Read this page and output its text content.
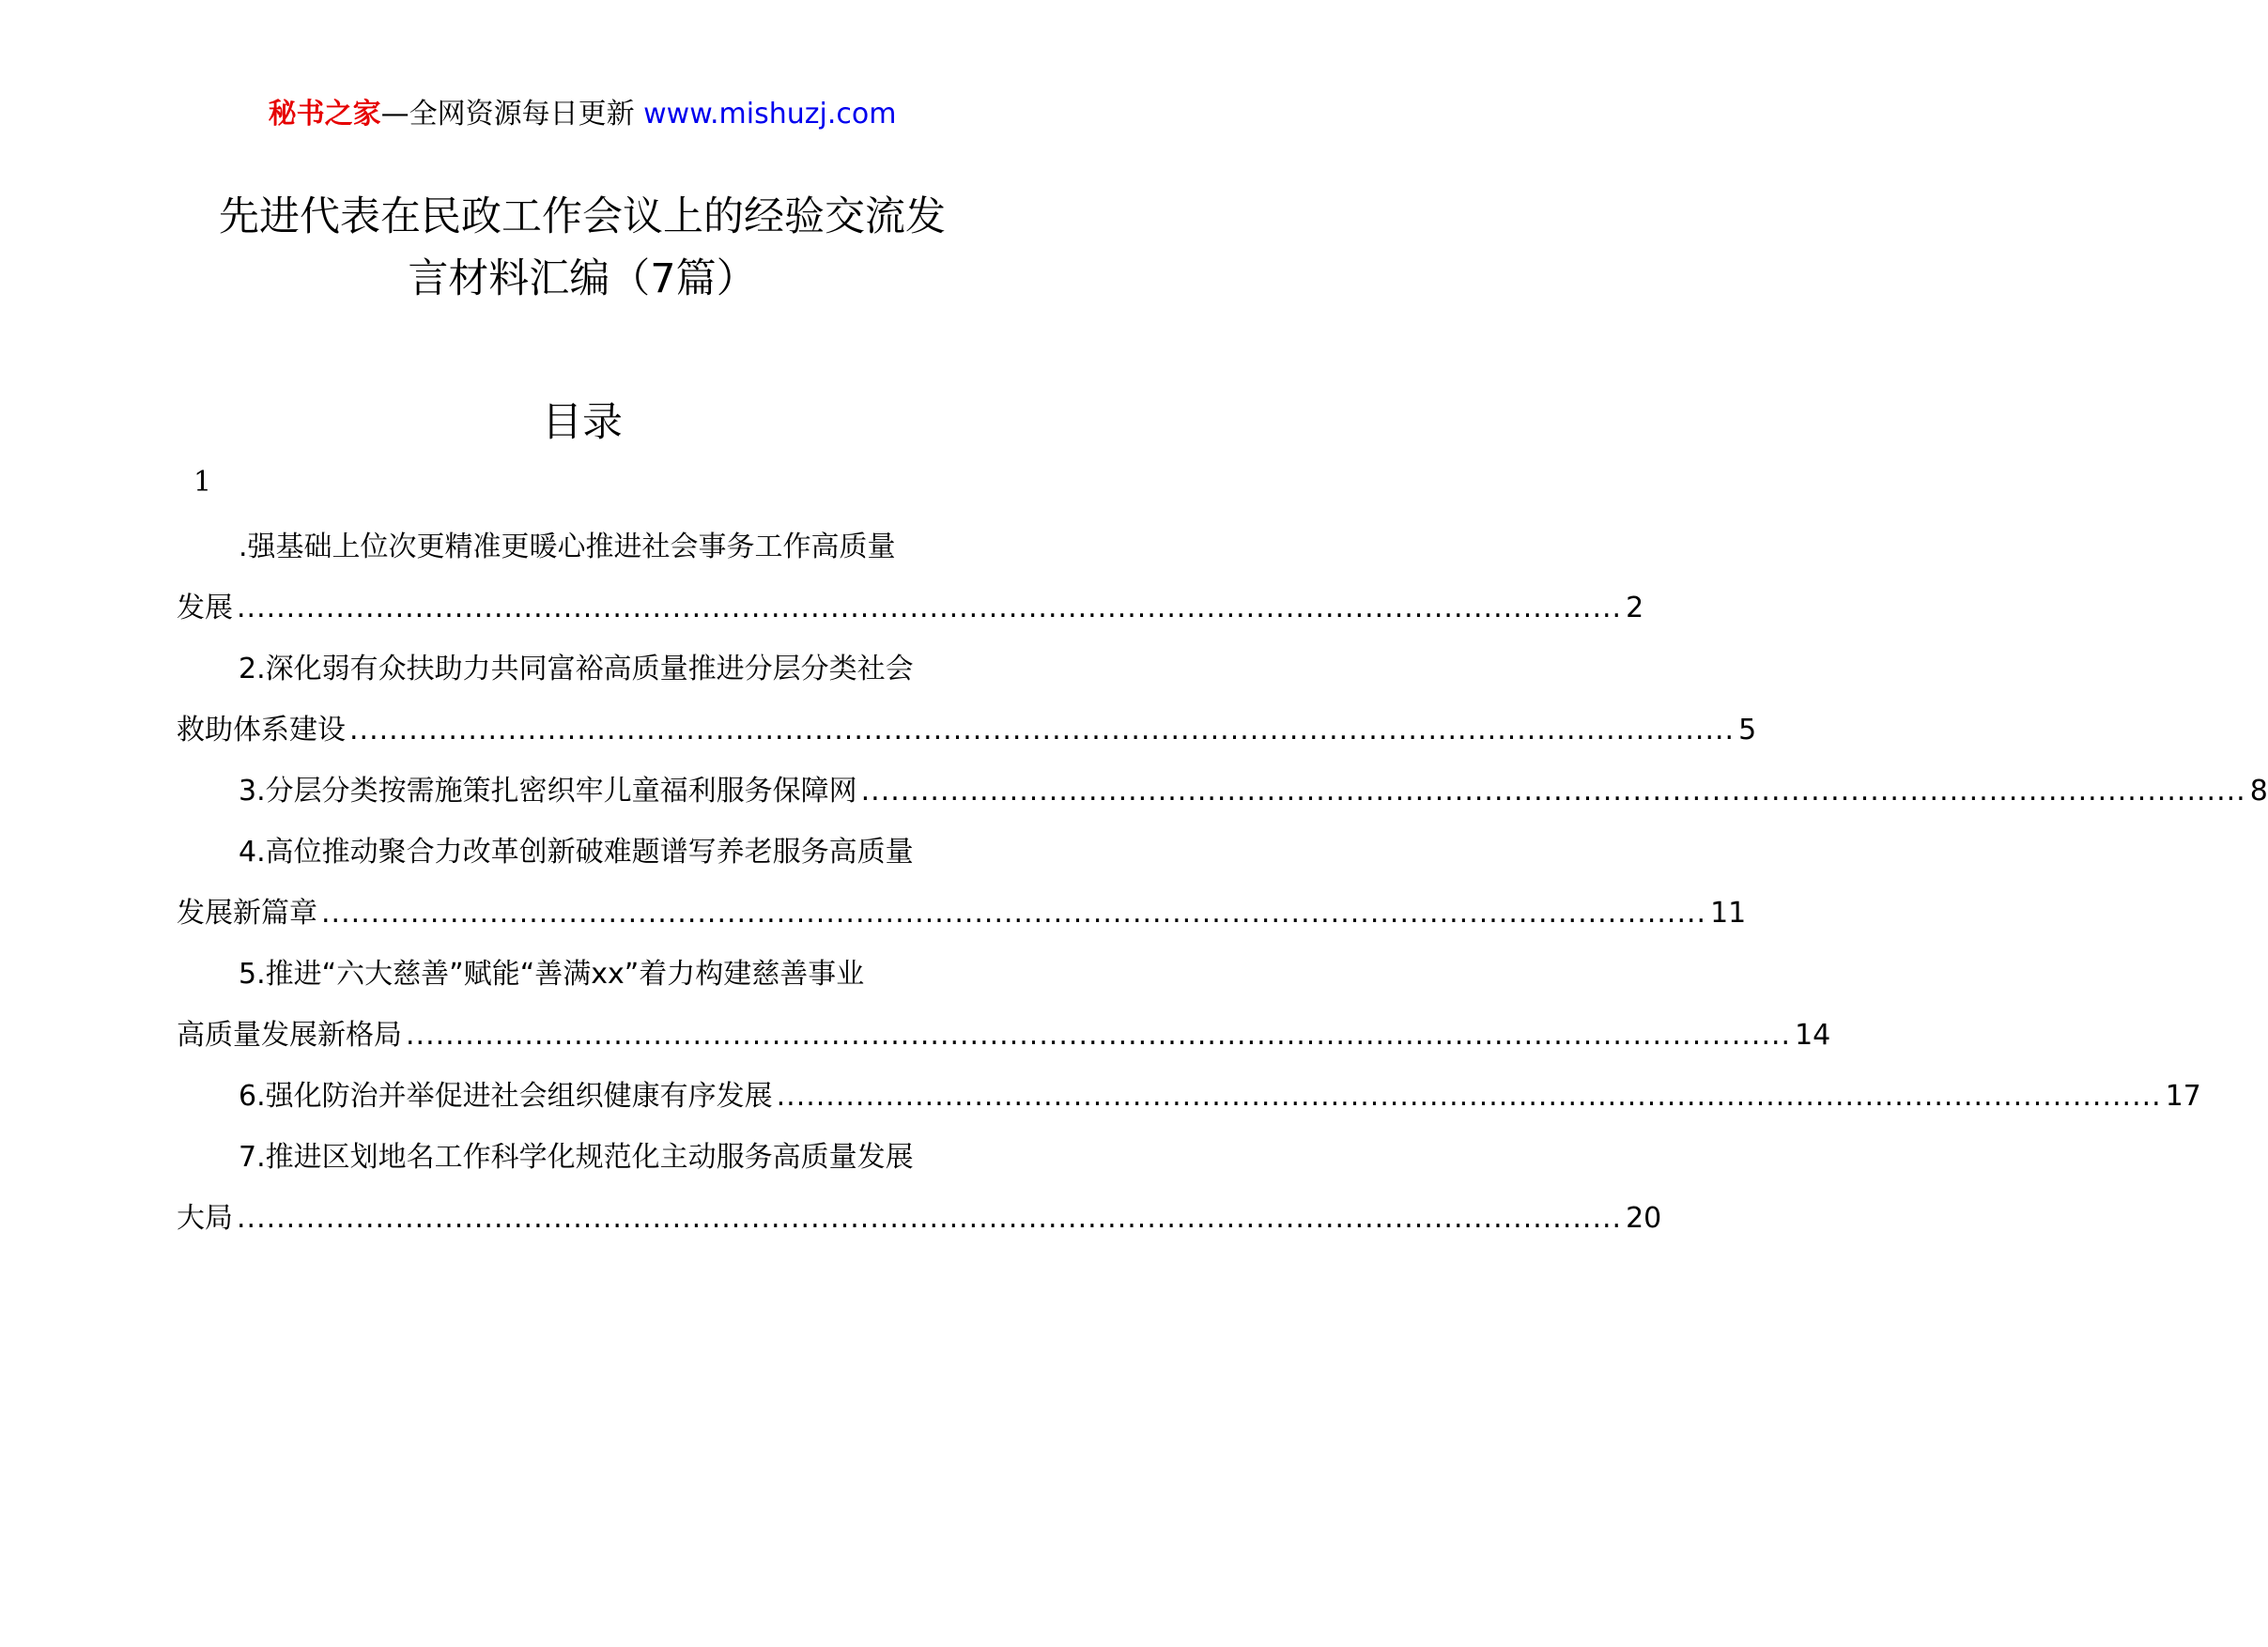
秘书之家—全网资源每日更新 www.mishuzj.com
先进代表在民政工作会议上的经验交流发
言材料汇编（7篇）
目录
1
.强基础上位次更精准更暖心推进社会事务工作高质量
发展 ............................................................................................................................................ 2
2.深化弱有众扶助力共同富裕高质量推进分层分类社会
救助体系建设 ............................................................................................................................................ 5
3.分层分类按需施策扎密织牢儿童福利服务保障网 ............................................................................................................................................ 8
4.高位推动聚合力改革创新破难题谱写养老服务高质量
发展新篇章 ............................................................................................................................................ 11
5.推进“六大慈善”赋能“善满xx”着力构建慈善事业
高质量发展新格局 ............................................................................................................................................ 14
6.强化防治并举促进社会组织健康有序发展 ............................................................................................................................................ 17
7.推进区划地名工作科学化规范化主动服务高质量发展
大局 ............................................................................................................................................ 20
